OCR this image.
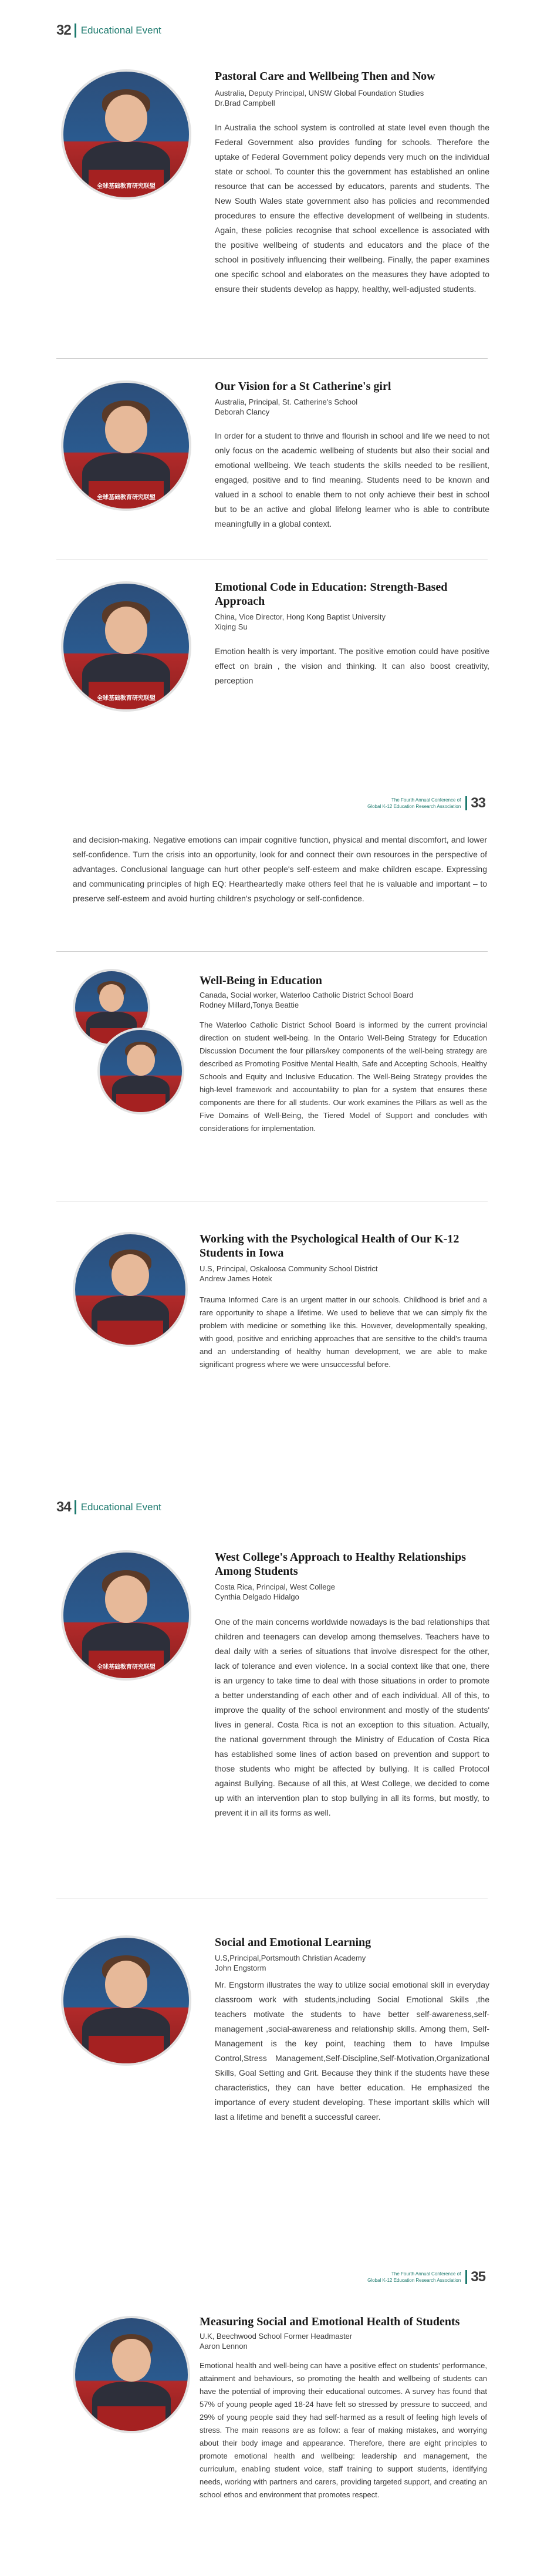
32 Educational Event
全球基础教育研究联盟
Pastoral Care and Wellbeing Then and Now
Australia, Deputy Principal, UNSW Global Foundation Studies
Dr.Brad Campbell
In Australia the school system is controlled at state level even though the Federal Government also provides funding for schools. Therefore the uptake of Federal Government policy depends very much on the individual state or school. To counter this the government has established an online resource that can be accessed by educators, parents and students. The New South Wales state government also has policies and recommended procedures to ensure the effective development of wellbeing in students. Again, these policies recognise that school excellence is associated with the positive wellbeing of students and educators and the place of the school in positively influencing their wellbeing. Finally, the paper examines one specific school and elaborates on the measures they have adopted to ensure their students develop as happy, healthy, well-adjusted students.
全球基础教育研究联盟
Our Vision for a St Catherine's girl
Australia, Principal, St. Catherine's School
Deborah Clancy
In order for a student to thrive and flourish in school and life we need to not only focus on the academic wellbeing of students but also their social and emotional wellbeing. We teach students the skills needed to be resilient, engaged, positive and to find meaning. Students need to be known and valued in a school to enable them to not only achieve their best in school but to be an active and global lifelong learner who is able to contribute meaningfully in a global context.
全球基础教育研究联盟
Emotional Code in Education: Strength-Based Approach
China, Vice Director, Hong Kong Baptist University
Xiqing Su
Emotion health is very important. The positive emotion could have positive effect on brain , the vision and thinking. It can also boost creativity, perception
The Fourth Annual Conference of
Global K-12 Education Research Association 33
and decision-making. Negative emotions can impair cognitive function, physical and mental discomfort, and lower self-confidence. Turn the crisis into an opportunity, look for and connect their own resources in the perspective of advantages. Conclusional language can hurt other people's self-esteem and make children escape. Expressing and communicating principles of high EQ: Heartheartedly make others feel that he is valuable and important – to preserve self-esteem and avoid hurting children's psychology or self-confidence.
Well-Being in Education
Canada, Social worker, Waterloo Catholic District School Board
Rodney Millard,Tonya Beattie
The Waterloo Catholic District School Board is informed by the current provincial direction on student well-being. In the Ontario Well-Being Strategy for Education Discussion Document the four pillars/key components of the well-being strategy are described as Promoting Positive Mental Health, Safe and Accepting Schools, Healthy Schools and Equity and Inclusive Education. The Well-Being Strategy provides the high-level framework and accountability to plan for a system that ensures these components are there for all students. Our work examines the Pillars as well as the Five Domains of Well-Being, the Tiered Model of Support and concludes with considerations for implementation.
Working with the Psychological Health of Our K-12 Students in Iowa
U.S, Principal, Oskaloosa Community School District
Andrew James Hotek
Trauma Informed Care is an urgent matter in our schools. Childhood is brief and a rare opportunity to shape a lifetime. We used to believe that we can simply fix the problem with medicine or something like this. However, developmentally speaking, with good, positive and enriching approaches that are sensitive to the child's trauma and an understanding of healthy human development, we are able to make significant progress where we were unsuccessful before.
34 Educational Event
全球基础教育研究联盟
West College's Approach to Healthy Relationships Among Students
Costa Rica, Principal, West College
Cynthia Delgado Hidalgo
One of the main concerns worldwide nowadays is the bad relationships that children and teenagers can develop among themselves. Teachers have to deal daily with a series of situations that involve disrespect for the other, lack of tolerance and even violence. In a social context like that one, there is an urgency to take time to deal with those situations in order to promote a better understanding of each other and of each individual. All of this, to improve the quality of the school environment and mostly of the students' lives in general. Costa Rica is not an exception to this situation. Actually, the national government through the Ministry of Education of Costa Rica has established some lines of action based on prevention and support to those students who might be affected by bullying. It is called Protocol against Bullying. Because of all this, at West College, we decided to come up with an intervention plan to stop bullying in all its forms, but mostly, to prevent it in all its forms as well.
Social and Emotional Learning
U.S,Principal,Portsmouth Christian Academy
John Engstorm
Mr. Engstorm illustrates the way to utilize social emotional skill in everyday classroom work with students,including Social Emotional Skills ,the teachers motivate the students to have better self-awareness,self-management ,social-awareness and relationship skills. Among them, Self-Management is the key point, teaching them to have Impulse Control,Stress Management,Self-Discipline,Self-Motivation,Organizational Skills, Goal Setting and Grit. Because they think if the students have these characteristics, they can have better education. He emphasized the importance of every student developing. These important skills which will last a lifetime and benefit a successful career.
The Fourth Annual Conference of
Global K-12 Education Research Association 35
Measuring Social and Emotional Health of Students
U.K, Beechwood School Former Headmaster
Aaron Lennon
Emotional health and well-being can have a positive effect on students' performance, attainment and behaviours, so promoting the health and wellbeing of students can have the potential of improving their educational outcomes. A survey has found that 57% of young people aged 18-24 have felt so stressed by pressure to succeed, and 29% of young people said they had self-harmed as a result of feeling high levels of stress. The main reasons are as follow: a fear of making mistakes, and worrying about their body image and appearance. Therefore, there are eight principles to promote emotional health and wellbeing: leadership and management, the curriculum, enabling student voice, staff training to support students, identifying needs, working with partners and carers, providing targeted support, and creating an school ethos and environment that promotes respect.
